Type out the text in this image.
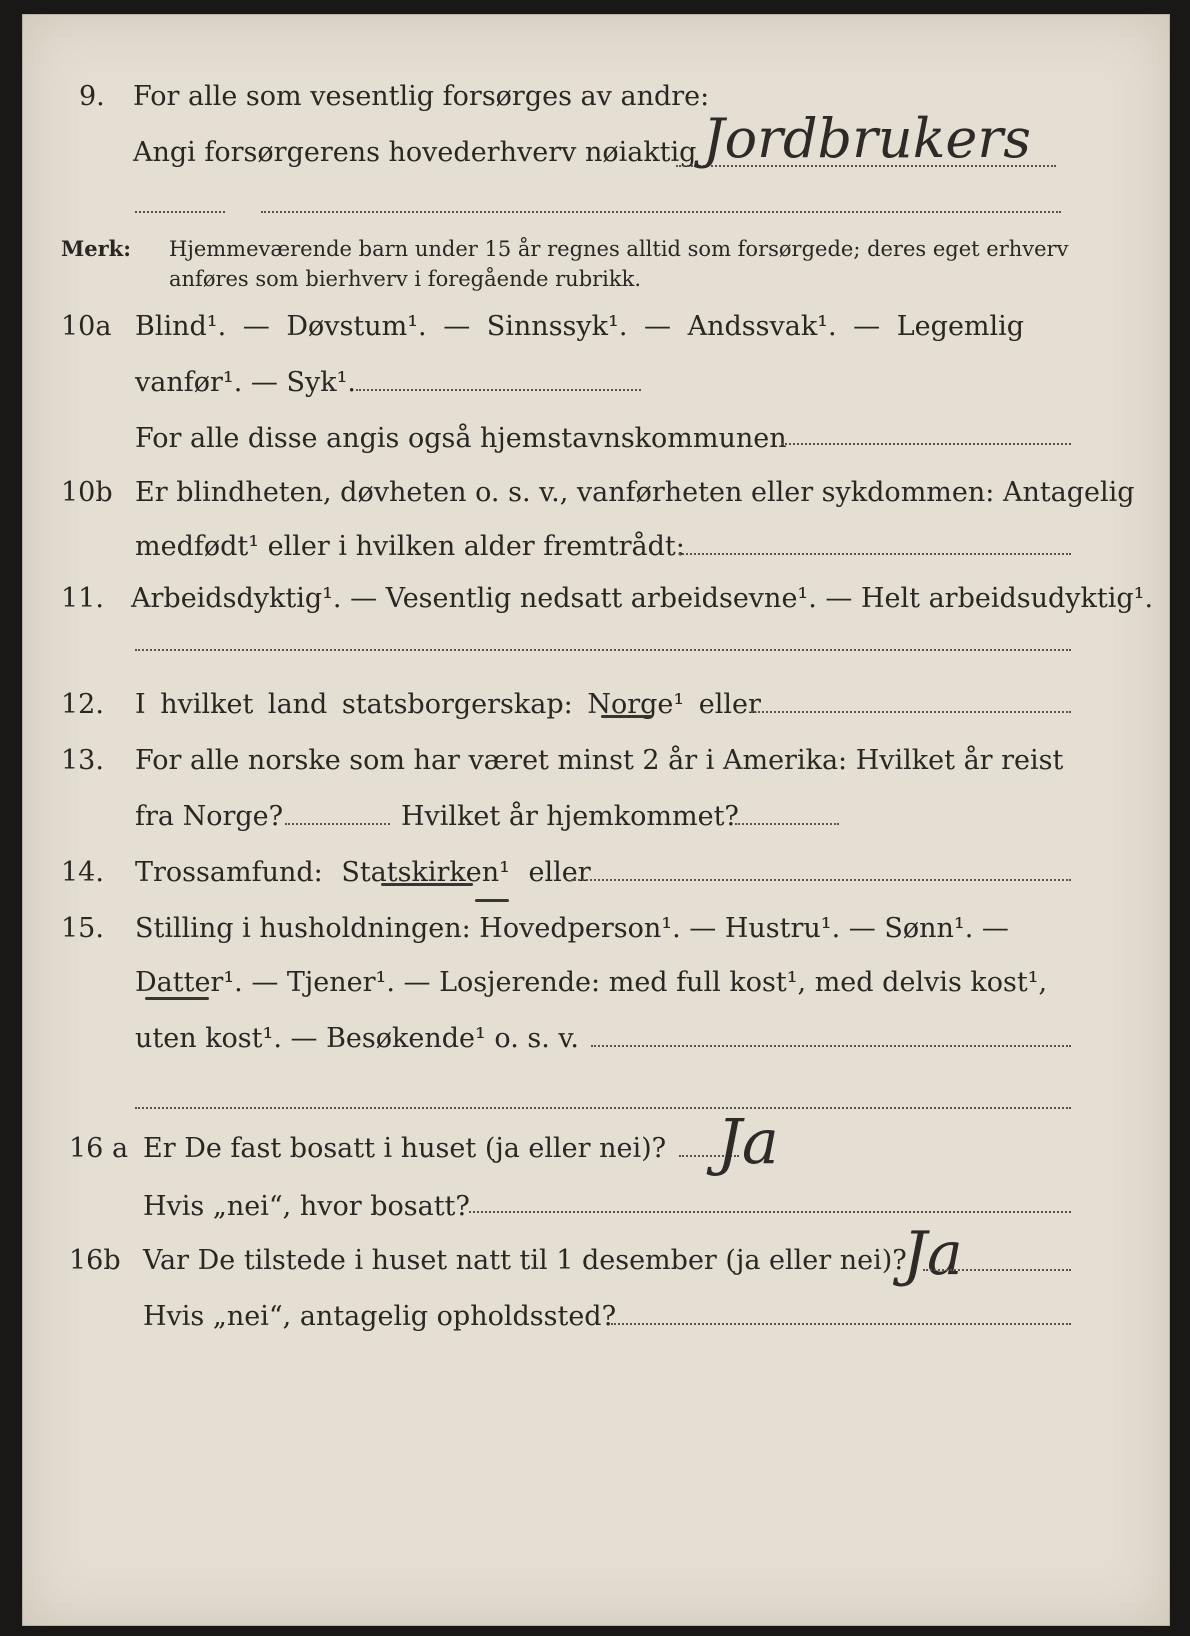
9. For alle som vesentlig forsørges av andre:
Angi forsørgerens hovederhverv nøiaktig Jordbrukers
Merk: Hjemmeværende barn under 15 år regnes alltid som forsørgede; deres eget erhverv
anføres som bierhverv i foregående rubrikk.
10a Blind¹. — Døvstum¹. — Sinnssyk¹. — Andssvak¹. — Legemlig
vanfør¹. — Syk¹.
For alle disse angis også hjemstavnskommunen
10b Er blindheten, døvheten o. s. v., vanførheten eller sykdommen: Antagelig
medfødt¹ eller i hvilken alder fremtrådt:
11. Arbeidsdyktig¹. — Vesentlig nedsatt arbeidsevne¹. — Helt arbeidsudyktig¹.
12. I hvilket land statsborgerskap: Norge¹ eller
13. For alle norske som har været minst 2 år i Amerika: Hvilket år reist
fra Norge?	Hvilket år hjemkommet?
14. Trossamfund: Statskirken¹ eller
15. Stilling i husholdningen: Hovedperson¹. — Hustru¹. — Sønn¹. —
Datter¹. — Tjener¹. — Losjerende: med full kost¹, med delvis kost¹,
uten kost¹. — Besøkende¹ o. s. v.
16 a Er De fast bosatt i huset (ja eller nei)? Ja
Hvis „nei“, hvor bosatt?
16b Var De tilstede i huset natt til 1 desember (ja eller nei)?
Ja
Hvis „nei“, antagelig opholdssted?
